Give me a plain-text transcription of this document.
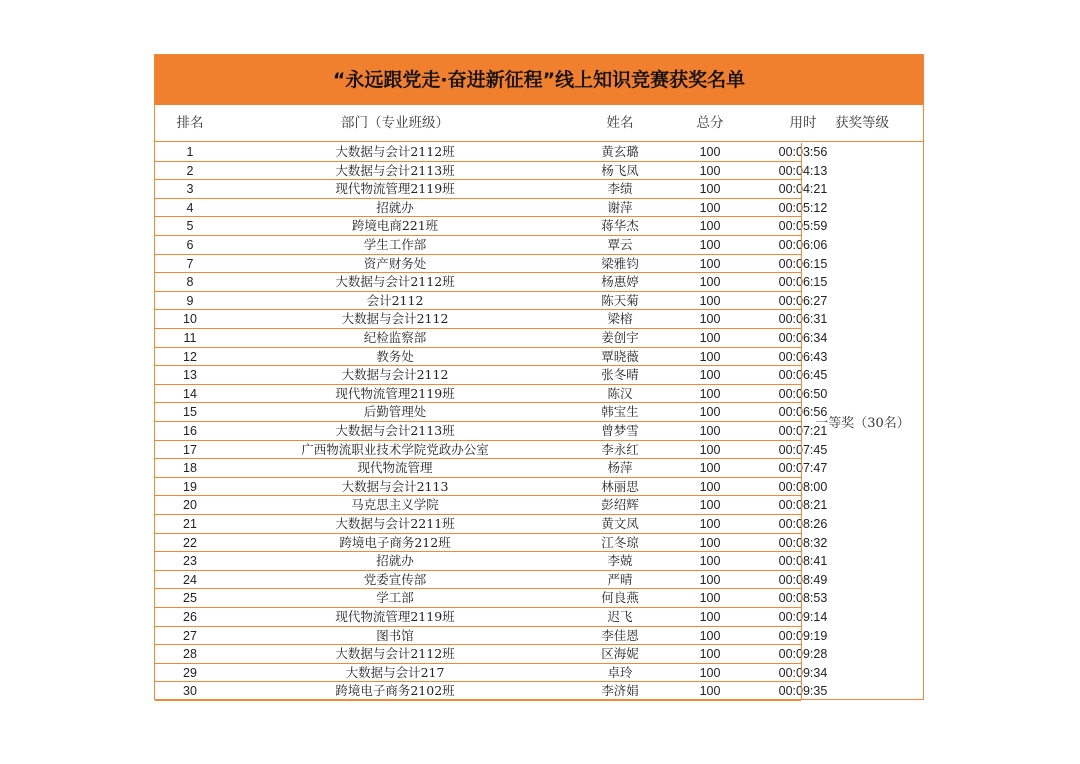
“永远跟党走·奋进新征程”线上知识竞赛获奖名单
排名	部门（专业班级）	姓名	总分	用时	获奖等级
1	大数据与会计2112班	黄玄璐	100	00:03:56
2	大数据与会计2113班	杨飞凤	100	00:04:13
3	现代物流管理2119班	李绩	100	00:04:21
4	招就办	谢萍	100	00:05:12
5	跨境电商221班	蒋华杰	100	00:05:59
6	学生工作部	覃云	100	00:06:06
7	资产财务处	梁雅钧	100	00:06:15
8	大数据与会计2112班	杨惠婷	100	00:06:15
9	会计2112	陈天菊	100	00:06:27
10	大数据与会计2112	梁榕	100	00:06:31
11	纪检监察部	姜创宇	100	00:06:34
12	教务处	覃晓薇	100	00:06:43
13	大数据与会计2112	张冬晴	100	00:06:45
14	现代物流管理2119班	陈汉	100	00:06:50
15	后勤管理处	韩宝生	100	00:06:56
16	大数据与会计2113班	曾梦雪	100	00:07:21
17	广西物流职业技术学院党政办公室	李永红	100	00:07:45
18	现代物流管理	杨萍	100	00:07:47
19	大数据与会计2113	林丽思	100	00:08:00
20	马克思主义学院	彭绍辉	100	00:08:21
21	大数据与会计2211班	黄文凤	100	00:08:26
22	跨境电子商务212班	江冬琼	100	00:08:32
23	招就办	李兢	100	00:08:41
24	党委宣传部	严晴	100	00:08:49
25	学工部	何良燕	100	00:08:53
26	现代物流管理2119班	迟飞	100	00:09:14
27	图书馆	李佳恩	100	00:09:19
28	大数据与会计2112班	区海妮	100	00:09:28
29	大数据与会计217	卓玲	100	00:09:34
30	跨境电子商务2102班	李济娟	100	00:09:35
一等奖（30名）
